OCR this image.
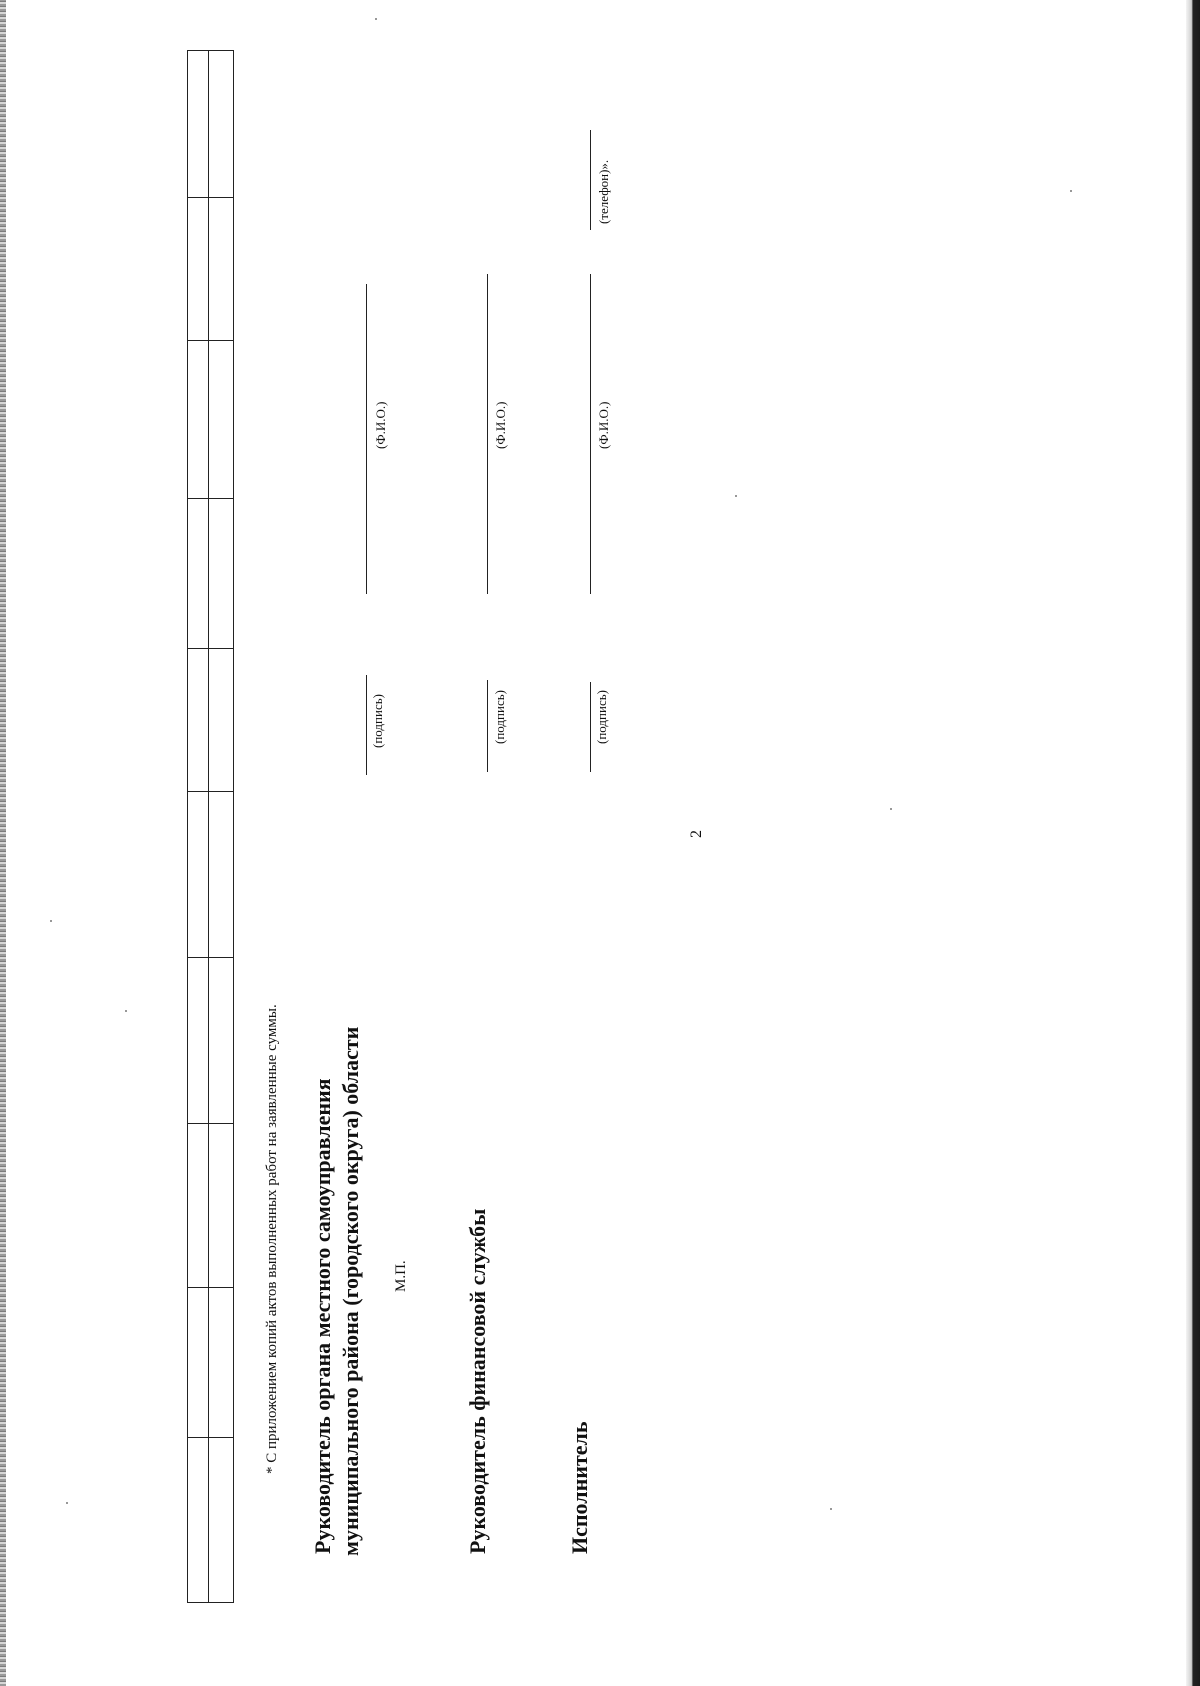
2
* С приложением копий актов выполненных работ на заявленные суммы. Руководитель органа местного самоуправления муниципального района (городского округа) области М.П.
(подпись)
(Ф.И.О.)
Руководитель финансовой службы
(подпись)
(Ф.И.О.)
Исполнитель
(подпись)
(Ф.И.О.)
(телефон)».
